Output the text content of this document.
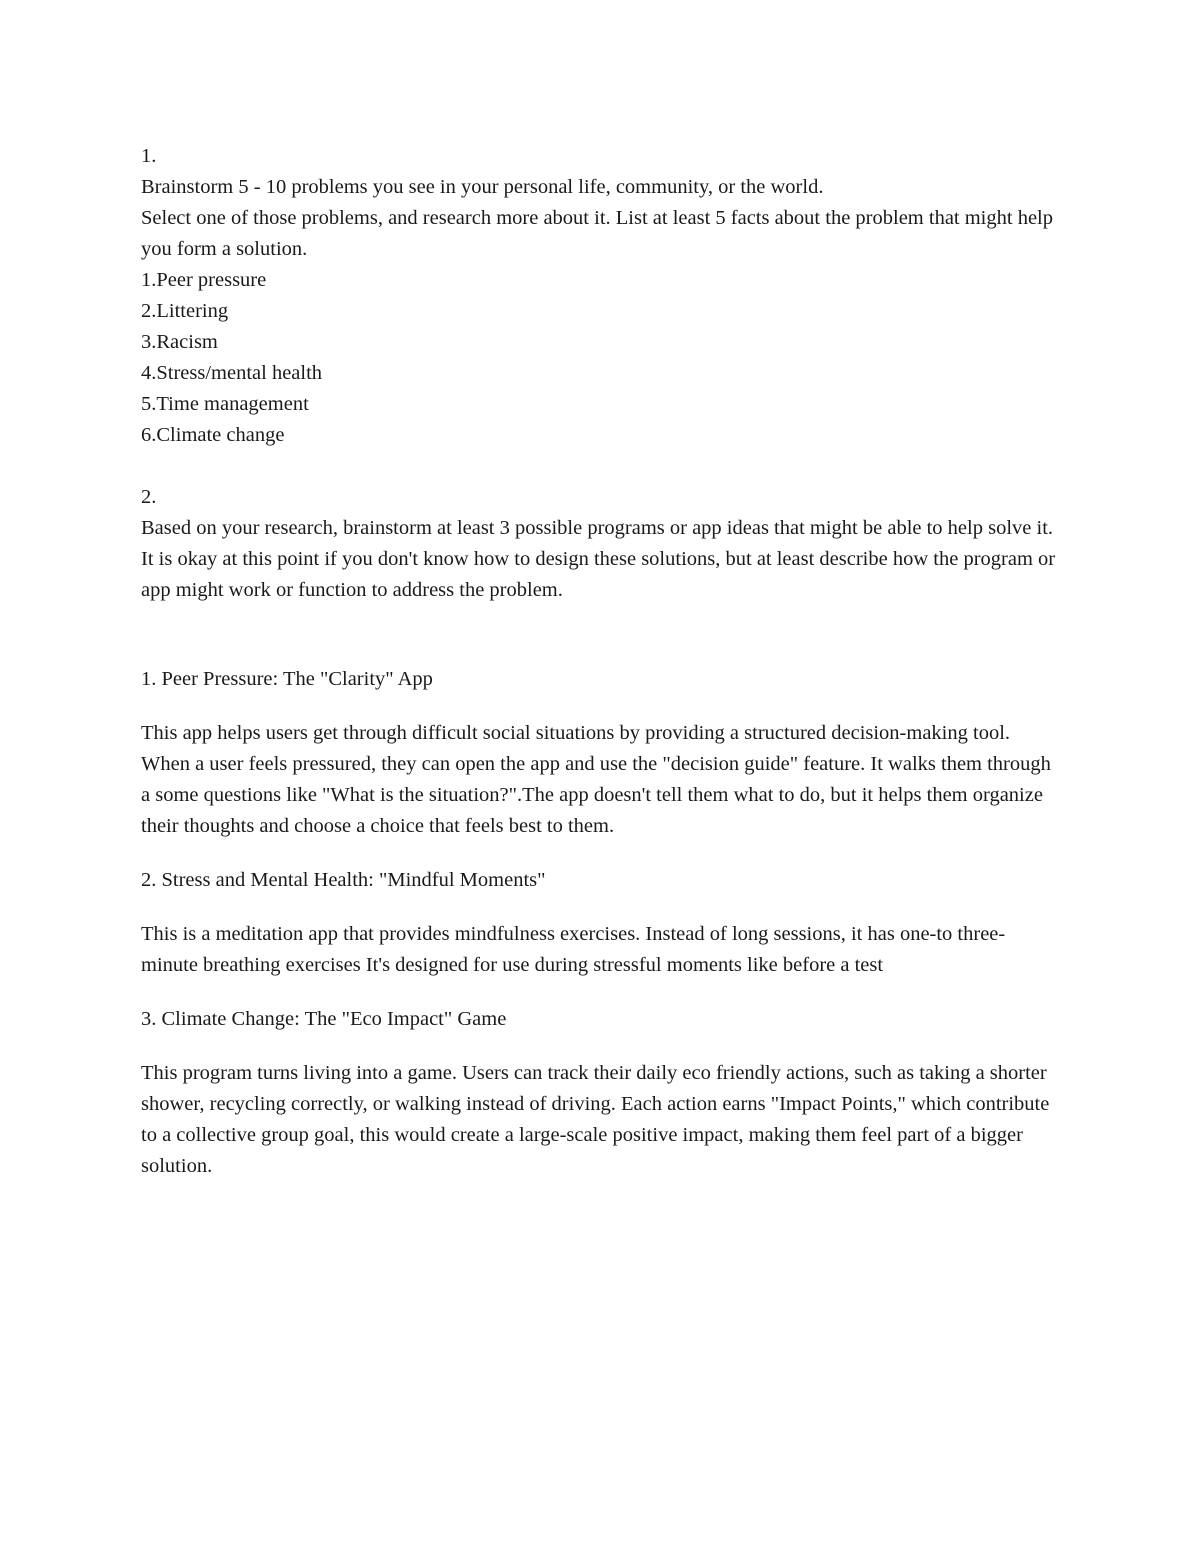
1.
Brainstorm 5 - 10 problems you see in your personal life, community, or the world.
Select one of those problems, and research more about it. List at least 5 facts about the problem that might help you form a solution.
1.Peer pressure
2.Littering
3.Racism
4.Stress/mental health
5.Time management
6.Climate change
2.
Based on your research, brainstorm at least 3 possible programs or app ideas that might be able to help solve it. It is okay at this point if you don't know how to design these solutions, but at least describe how the program or app might work or function to address the problem.
1. Peer Pressure: The "Clarity" App
This app helps users get through difficult social situations by providing a structured decision-making tool. When a user feels pressured, they can open the app and use the "decision guide" feature. It walks them through a some questions like "What is the situation?".The app doesn't tell them what to do, but it helps them organize their thoughts and choose a choice that feels best to them.
2. Stress and Mental Health: "Mindful Moments"
This is a meditation app that provides mindfulness exercises. Instead of long sessions, it has one-to three-minute breathing exercises It's designed for use during stressful moments like before a test
3. Climate Change: The "Eco Impact" Game
This program turns living into a game. Users can track their daily eco friendly actions, such as taking a shorter shower, recycling correctly, or walking instead of driving. Each action earns "Impact Points," which contribute to a collective group goal, this would create a large-scale positive impact, making them feel part of a bigger solution.
